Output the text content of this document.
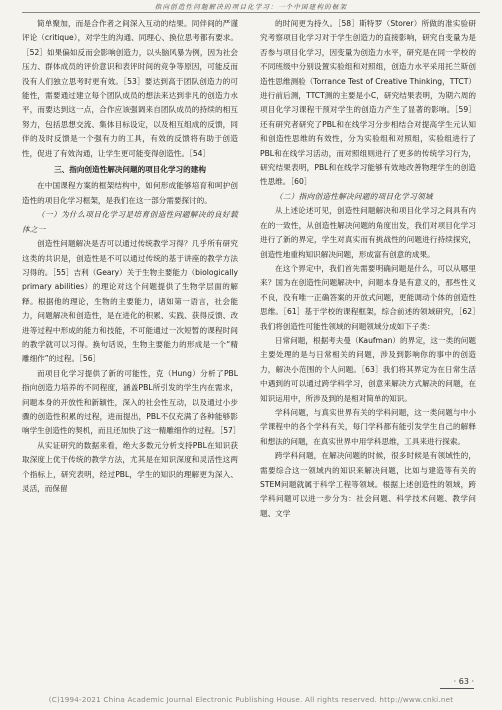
指向创造性问题解决的项目化学习：一个中国建构的框架

简单聚加，而是合作者之间深入互动的结果。同伴间的严谨评论（critique），对学生的沟通、同理心、换位思考都有要求。［52］如果偏如反而会影响创造力，以头脑风暴为例，因为社会压力、群体成员的评价意识和表评时间的竞争等原因，可能反而没有人们独立思考时更有效。［53］要达到高于团队创造力的可能性，需要通过建立每个团队成员的想法来达到非凡的创造力水平，而要达到这一点，合作应该强调来自团队成员的持续的相互努力，包括思想交流、集体目标设定，以及相互组成的反馈，同伴的及时反馈是一个强有力的工具，有效的反馈将有助于创造性，促进了有效沟通，让学生更可能变得创造性。［54］

三、指向创造性解决问题的项目化学习的建构

在中国课程方案的框架结构中，如何形成能够培育和呵护创造性的项目化学习框架，是我们在这一部分需要探讨的。

（一）为什么项目化学习是培育创造性问题解决的良好载体之一

创造性问题解决是否可以通过传统教学习得？几乎所有研究这类的共识是，创造性是不可以通过传统的基于讲座的教学方法习得的。［55］吉利（Geary）关于生物主要能力（biologically primary abilities）的理论对这个问题提供了生物学层面的解释。根据他的理论，生物的主要能力，诸如第一语言，社会能力，问题解决和创造性，是在进化的积累、实践、获得反馈、改进等过程中形成的能力和技能，不可能通过一次短暂的课程时间的教学就可以习得。换句话说，生物主要能力的形成是一个“精雕细作”的过程。［56］

而项目化学习提供了新的可能性，克（Hung）分析了PBL指向创造力培养的不同程度，涵盖PBL所引发的学生内在需求，问题本身的开放性和新颖性，深入的社会性互动，以及通过小步骤的创造性积累的过程，进而提出，PBL不仅充满了各种能够影响学生创造性的契机，而且还加快了这一精雕细作的过程。［57］

从实证研究的数据来看，绝大多数元分析支持PBL在知识获取深度上优于传统的教学方法，尤其是在知识深度和灵活性这两个指标上，研究表明，经过PBL，学生的知识的理解更为深入、灵活，而保留

的时间更为持久。［58］斯特罗（Storer）所做的准实验研究考察项目化学习对于学生创造力的直接影响，研究自变量为是否参与项目化学习，因变量为创造力水平，研究是在同一学校的不同班级中分别设置实验组和对照组，创造力水平采用托兰斯创造性思维测验（Torrance Test of Creative Thinking，TTCT）进行前后测，TTCT测的主要是小C，研究结果表明，为期六周的项目化学习课程干预对学生的创造力产生了显著的影响。［59］还有研究者研究了PBL和在线学习分步相结合对提高学生元认知和创造性思维的有效性，分为实验组和对照组，实验组进行了PBL和在线学习活动，而对照组则进行了更多的传统学习行为，研究结果表明，PBL和在线学习能够有效地改善物理学生的创造性思维。［60］

（二）指向创造性解决问题的项目化学习领域

从上述论述可见，创造性问题解决和项目化学习之间具有内在的一致性，从创造性解决问题的角度出发，我们对项目化学习进行了新的界定，学生对真实而有挑战性的问题进行持续探究，创造性地重构知识解决问题，形成富有创意的成果。

在这个界定中，我们首先需要明确问题是什么，可以从哪里来？国为在创造性问题解决中，问题本身是有意义的，那些性义不良，没有唯一正确答案的开放式问题，更能调动个体的创造性思维。［61］基于学校的课程框架，综合前述的领域研究，［62］我们将创造性可能性领域的问题领域分成如下子类：

日常问题，根据考夫曼（Kaufman）的界定，这一类的问题主要处理的是与日常相关的问题，涉及到影响你的事中的创造力，解决小范围的个人问题。［63］我们将其界定为在日常生活中遇到的可以通过跨学科学习，创意来解决方式解决的问题，在知识运用中，所涉及到的是相对简单的知识。

学科问题，与真实世界有关的学科问题，这一类问题与中小学课程中的各个学科有关，每门学科都有能引发学生自己的解释和想法的问题，在真实世界中用学科思维，工具来进行探索。

跨学科问题，在解决问题的时候，很多时候是有领域性的，需要综合这一领域内的知识来解决问题，比如与建造等有关的STEM问题就属于科学工程等领域。根据上述创造性的领域，跨学科问题可以进一步分为：社会问题、科学技术问题、教学问题、文学

· 63 ·
(C)1994-2021 China Academic Journal Electronic Publishing House. All rights reserved. http://www.cnki.net
